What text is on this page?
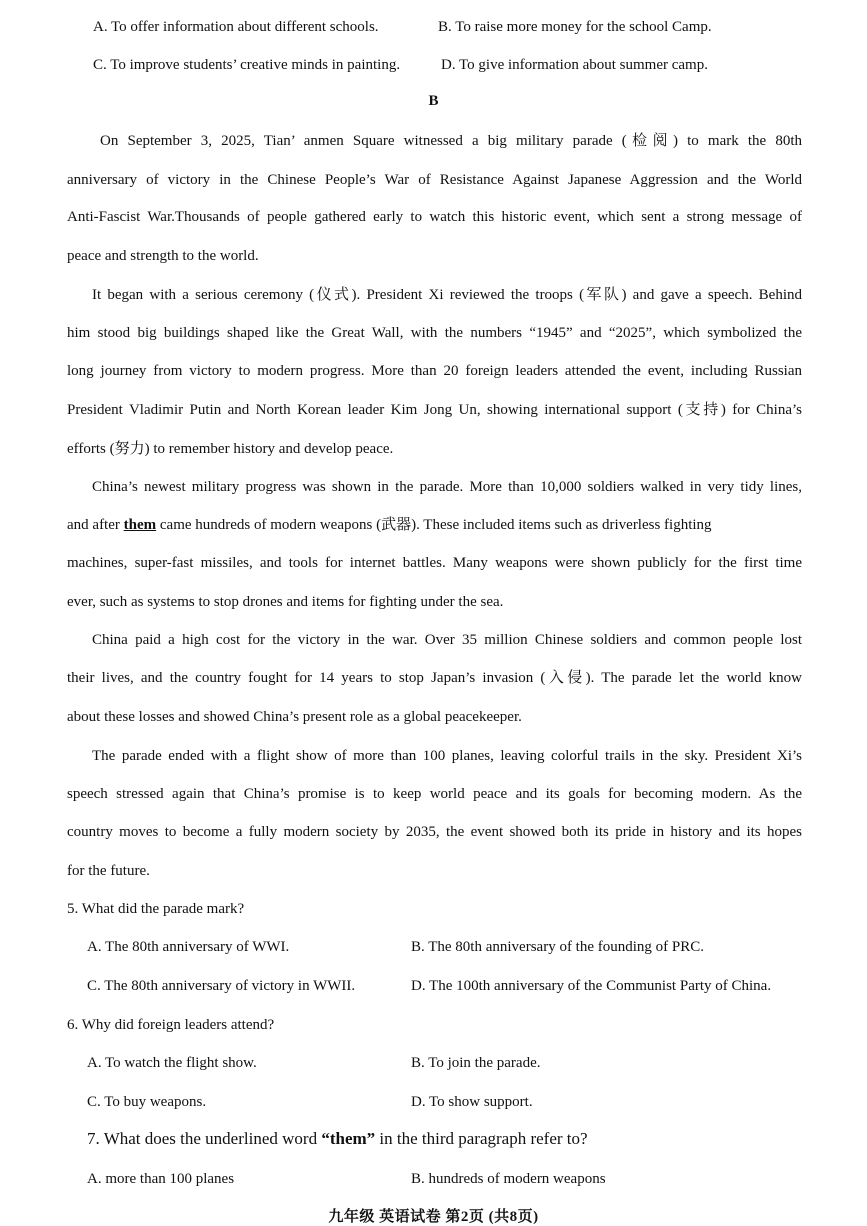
A. To offer information about different schools.	B. To raise more money for the school Camp.
C. To improve students’ creative minds in painting.	D. To give information about summer camp.
B
On September 3, 2025, Tian’ anmen Square witnessed a big military parade (检阅) to mark the 80th
anniversary of victory in the Chinese People’s War of Resistance Against Japanese Aggression and the World
Anti-Fascist War.Thousands of people gathered early to watch this historic event, which sent a strong message of
peace and strength to the world.
It began with a serious ceremony (仪式). President Xi reviewed the troops (军队) and gave a speech. Behind
him stood big buildings shaped like the Great Wall, with the numbers “1945” and “2025”, which symbolized the
long journey from victory to modern progress. More than 20 foreign leaders attended the event, including Russian
President Vladimir Putin and North Korean leader Kim Jong Un, showing international support (支持) for China’s
efforts (努力) to remember history and develop peace.
China’s newest military progress was shown in the parade. More than 10,000 soldiers walked in very tidy lines,
and after them came hundreds of modern weapons (武器). These included items such as driverless fighting
machines, super-fast missiles, and tools for internet battles. Many weapons were shown publicly for the first time
ever, such as systems to stop drones and items for fighting under the sea.
China paid a high cost for the victory in the war. Over 35 million Chinese soldiers and common people lost
their lives, and the country fought for 14 years to stop Japan’s invasion (入侵). The parade let the world know
about these losses and showed China’s present role as a global peacekeeper.
The parade ended with a flight show of more than 100 planes, leaving colorful trails in the sky. President Xi’s
speech stressed again that China’s promise is to keep world peace and its goals for becoming modern. As the
country moves to become a fully modern society by 2035, the event showed both its pride in history and its hopes
for the future.
5. What did the parade mark?
A. The 80th anniversary of WWI.	B. The 80th anniversary of the founding of PRC.
C. The 80th anniversary of victory in WWII.	D. The 100th anniversary of the Communist Party of China.
6. Why did foreign leaders attend?
A. To watch the flight show.	B. To join the parade.
C. To buy weapons.	D. To show support.
7. What does the underlined word “them” in the third paragraph refer to?
A. more than 100 planes	B. hundreds of modern weapons
九年级 英语试卷 第2页 (共8页)
